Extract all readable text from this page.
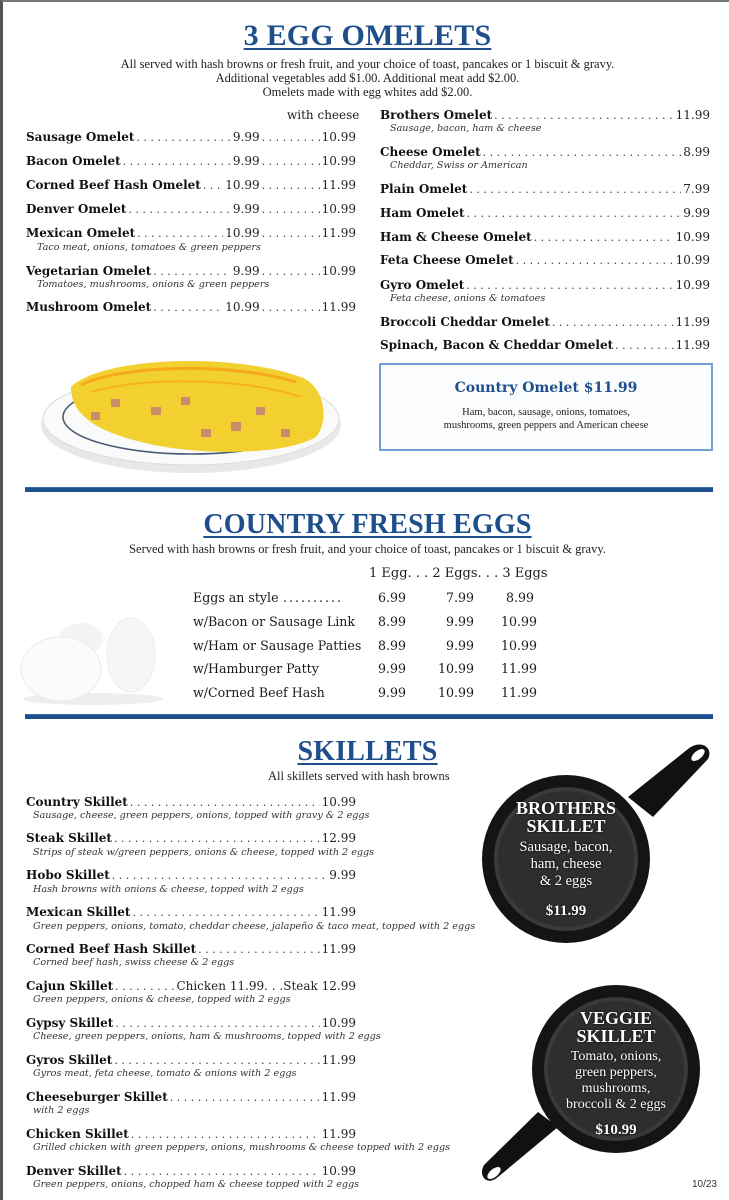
3 EGG OMELETS
All served with hash browns or fresh fruit, and your choice of toast, pancakes or 1 biscuit & gravy.
Additional vegetables add $1.00. Additional meat add $2.00.
Omelets made with egg whites add $2.00.
with cheese
Sausage Omelet . . .	9.99 . . .	10.99
Bacon Omelet . . .	9.99 . . .	10.99
Corned Beef Hash Omelet . . . 10.99 . . .	11.99
Denver Omelet . . .	9.99 . . .	10.99
Mexican Omelet . . .	10.99 . . .	11.99
Taco meat, onions, tomatoes & green peppers
Vegetarian Omelet . . .	9.99 . . .	10.99
Tomatoes, mushrooms, onions & green peppers
Mushroom Omelet . . .	10.99 . . .	11.99
Brothers Omelet . . .	11.99
Sausage, bacon, ham & cheese
Cheese Omelet . . .	8.99
Cheddar, Swiss or American
Plain Omelet . . .	7.99
Ham Omelet . . .	9.99
Ham & Cheese Omelet . . .	10.99
Feta Cheese Omelet . . .	10.99
Gyro Omelet . . .	10.99
Feta cheese, onions & tomatoes
Broccoli Cheddar Omelet . . .	11.99
Spinach, Bacon & Cheddar Omelet . . .	11.99
Country Omelet $11.99
Ham, bacon, sausage, onions, tomatoes,
mushrooms, green peppers and American cheese
COUNTRY FRESH EGGS
Served with hash browns or fresh fruit, and your choice of toast, pancakes or 1 biscuit & gravy.
1 Egg. . . 2 Eggs. . . 3 Eggs
Eggs an style ..........	6.99	7.99	8.99
w/Bacon or Sausage Link 8.99	9.99 10.99
w/Ham or Sausage Patties 8.99	9.99 10.99
w/Hamburger Patty	9.99	10.99 11.99
w/Corned Beef Hash	9.99	10.99 11.99
SKILLETS
All skillets served with hash browns
Country Skillet . . .	10.99
Sausage, cheese, green peppers, onions, topped with gravy & 2 eggs
Steak Skillet . . .	12.99
Strips of steak w/green peppers, onions & cheese, topped with 2 eggs
Hobo Skillet . . .	9.99
Hash browns with onions & cheese, topped with 2 eggs
Mexican Skillet . . .	11.99
Green peppers, onions, tomato, cheddar cheese, jalapeño & taco meat, topped with 2 eggs
Corned Beef Hash Skillet . . .	11.99
Corned beef hash, swiss cheese & 2 eggs
Cajun Skillet . . .	Chicken 11.99. . .Steak 12.99
Green peppers, onions & cheese, topped with 2 eggs
Gypsy Skillet . . .	10.99
Cheese, green peppers, onions, ham & mushrooms, topped with 2 eggs
Gyros Skillet . . .	11.99
Gyros meat, feta cheese, tomato & onions with 2 eggs
Cheeseburger Skillet . . .	11.99
with 2 eggs
Chicken Skillet . . .	11.99
Grilled chicken with green peppers, onions, mushrooms & cheese topped with 2 eggs
Denver Skillet . . .	10.99
Green peppers, onions, chopped ham & cheese topped with 2 eggs
BROTHERS
SKILLET
Sausage, bacon,
ham, cheese
& 2 eggs
$11.99
VEGGIE
SKILLET
Tomato, onions,
green peppers,
mushrooms,
broccoli & 2 eggs
$10.99
10/23
